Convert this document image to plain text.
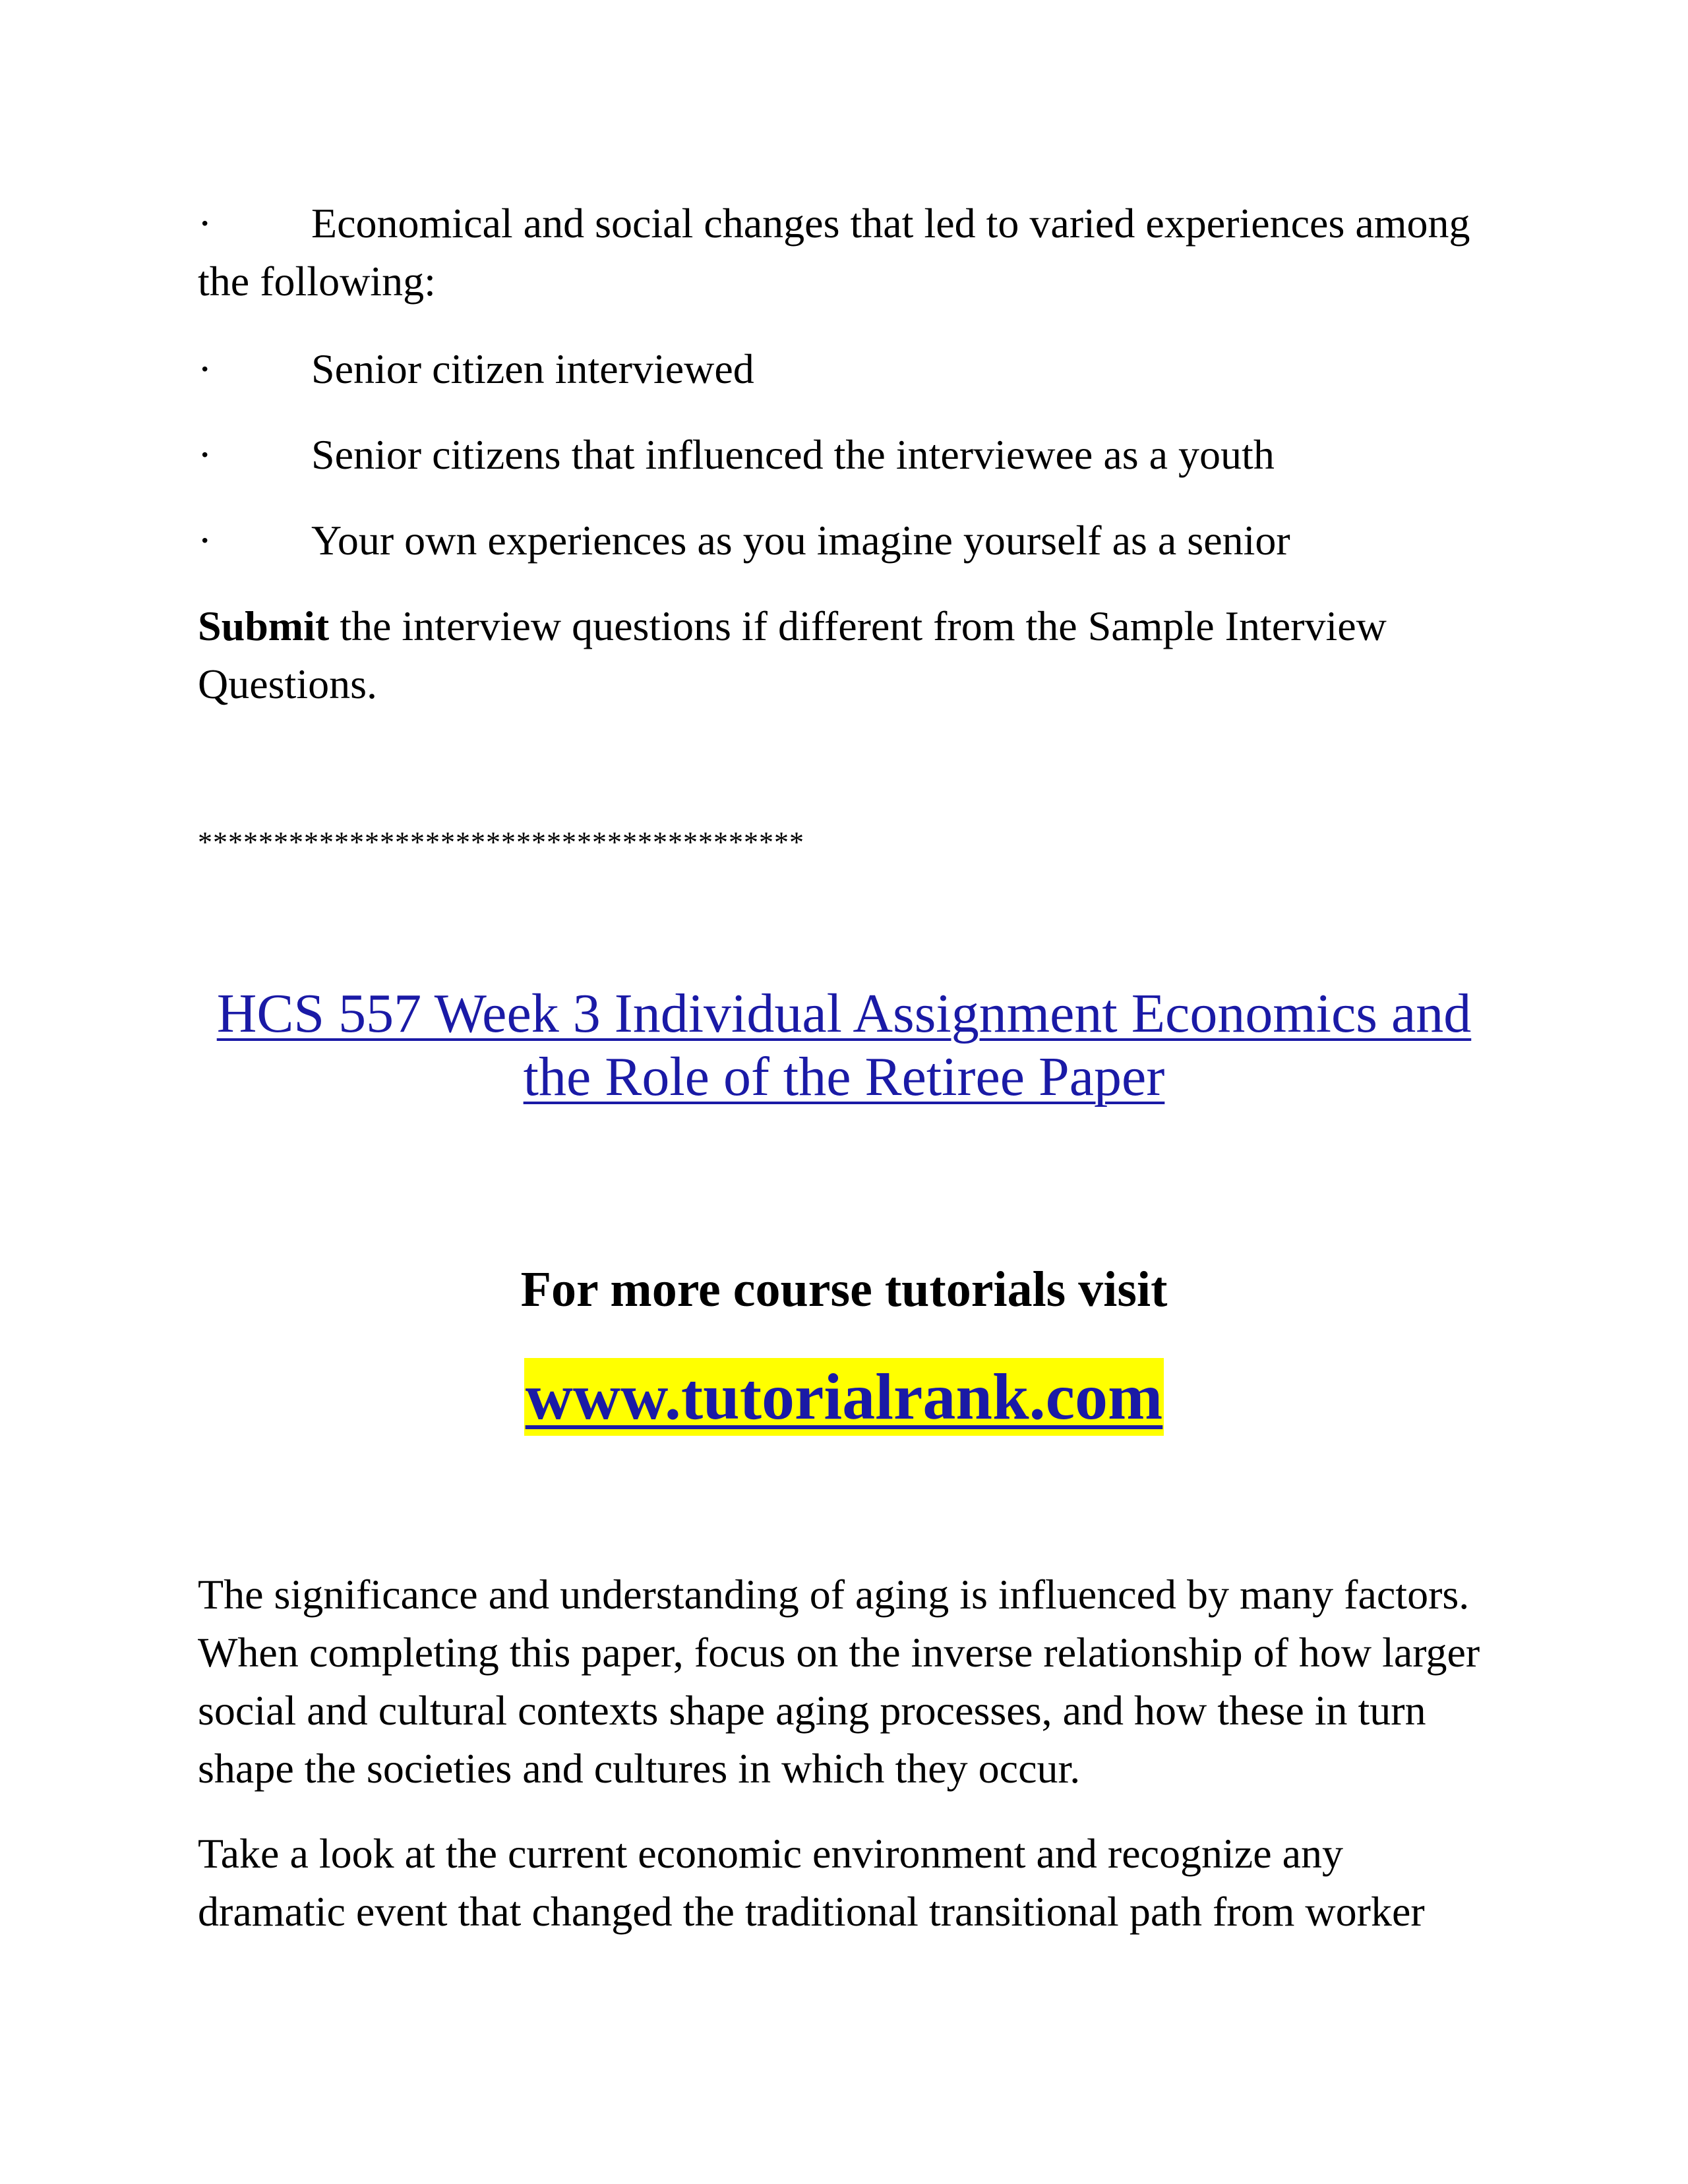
·	Economical and social changes that led to varied experiences among the following:
·	Senior citizen interviewed
·	Senior citizens that influenced the interviewee as a youth
·	Your own experiences as you imagine yourself as a senior
Submit the interview questions if different from the Sample Interview Questions.
****************************************
HCS 557 Week 3 Individual Assignment Economics and the Role of the Retiree Paper
For more course tutorials visit
www.tutorialrank.com
The significance and understanding of aging is influenced by many factors. When completing this paper, focus on the inverse relationship of how larger social and cultural contexts shape aging processes, and how these in turn shape the societies and cultures in which they occur.
Take a look at the current economic environment and recognize any dramatic event that changed the traditional transitional path from worker
